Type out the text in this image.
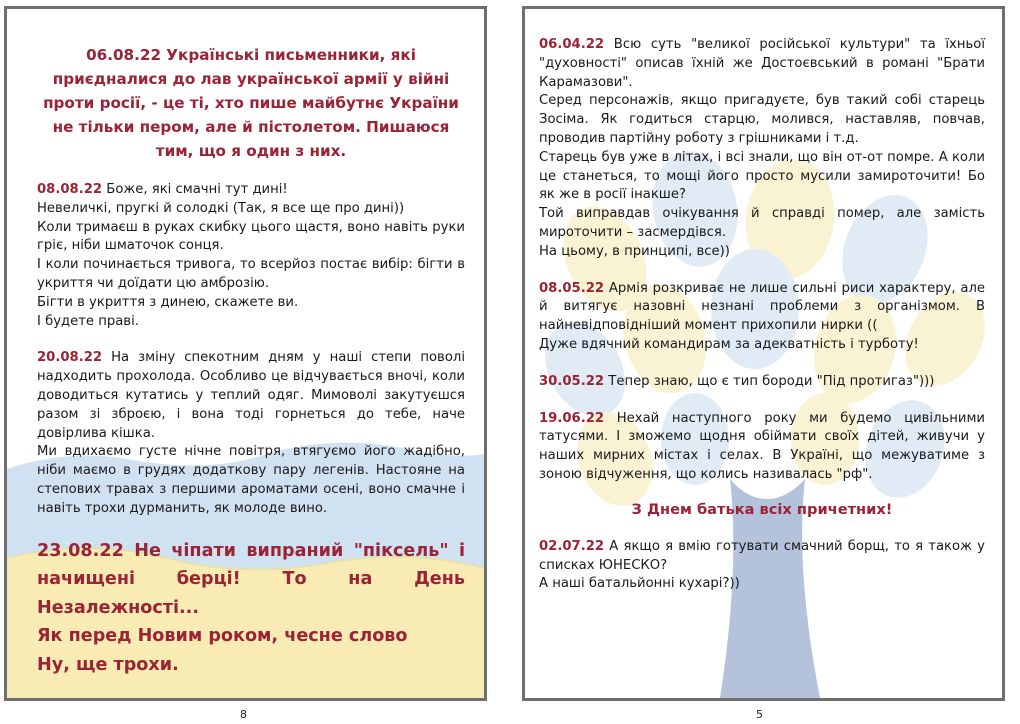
06.08.22 Українські письменники, які приєдналися до лав української армії у війні проти росії, - це ті, хто пише майбутнє України не тільки пером, але й пістолетом. Пишаюся тим, що я один з них.

08.08.22 Боже, які смачні тут дині!

Невеличкі, пругкі й солодкі (Так, я все ще про дині))

Коли тримаєш в руках скибку цього щастя, воно навіть руки гріє, ніби шматочок сонця.

І коли починається тривога, то всерйоз постає вибір: бігти в укриття чи доїдати цю амброзію.

Бігти в укриття з динею, скажете ви.

І будете праві.

20.08.22 На зміну спекотним дням у наші степи поволі надходить прохолода. Особливо це відчувається вночі, коли доводиться кутатись у теплий одяг. Мимоволі закутуєшся разом зі зброєю, і вона тоді горнеться до тебе, наче довірлива кішка.

Ми вдихаємо густе нічне повітря, втягуємо його жадібно, ніби маємо в грудях додаткову пару легенів. Настояне на степових травах з першими ароматами осені, воно смачне і навіть трохи дурманить, як молоде вино.

23.08.22 Не чіпати випраний "піксель" і начищені берці! То на День Незалежності...

Як перед Новим роком, чесне слово

Ну, ще трохи.

06.04.22 Всю суть "великої російської культури" та їхньої "духовності" описав їхній же Достоєвський в романі "Брати Карамазови".

Серед персонажів, якщо пригадуєте, був такий собі старець Зосіма. Як годиться старцю, молився, наставляв, повчав, проводив партійну роботу з грішниками і т.д.

Старець був уже в літах, і всі знали, що він от-от помре. А коли це станеться, то мощі його просто мусили замироточити! Бо як же в росії інакше?

Той виправдав очікування й справді помер, але замість мироточити – засмердівся.

На цьому, в принципі, все))

08.05.22 Армія розкриває не лише сильні риси характеру, але й витягує назовні незнані проблеми з організмом. В найневідповідніший момент прихопили нирки ((

Дуже вдячний командирам за адекватність і турботу!

30.05.22 Тепер знаю, що є тип бороди "Під протигаз")))

19.06.22 Нехай наступного року ми будемо цивільними татусями. І зможемо щодня обіймати своїх дітей, живучи у наших мирних містах і селах. В Україні, що межуватиме з зоною відчуження, що колись називалась "рф".

З Днем батька всіх причетних!

02.07.22 А якщо я вмію готувати смачний борщ, то я також у списках ЮНЕСКО?

А наші батальйонні кухарі?))

8	5
